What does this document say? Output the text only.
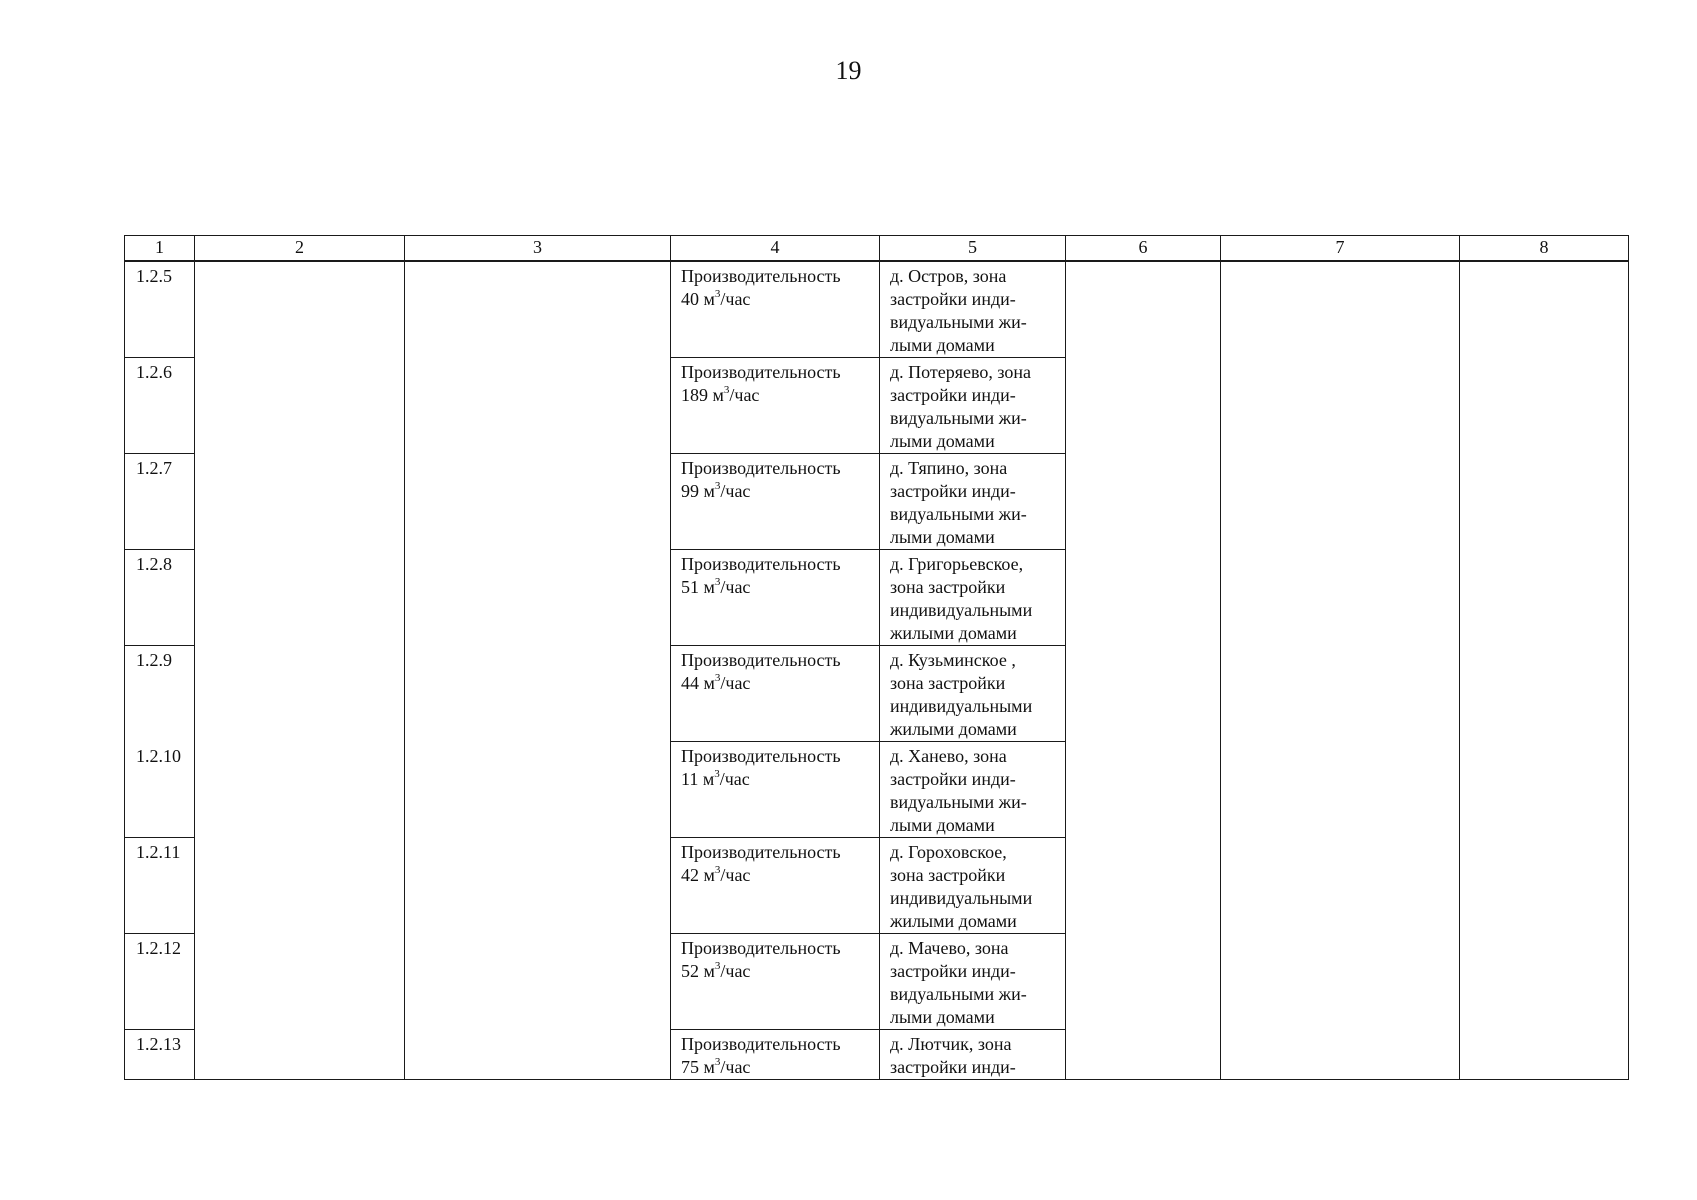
19
1	2	3	4	5	6	7	8
1.2.5			Производительность
40 $м^3$/час	д. Остров, зона
застройки инди-
видуальными жи-
лыми домами			

1.2.6			Производительность
189 $м^3$/час	д. Потеряево, зона
застройки инди-
видуальными жи-
лыми домами			

1.2.7			Производительность
99 $м^3$/час	д. Тяпино, зона
застройки инди-
видуальными жи-
лыми домами			

1.2.8			Производительность
51 $м^3$/час	д. Григорьевское,
зона застройки
индивидуальными
жилыми домами			

1.2.9			Производительность
44 $м^3$/час	д. Кузьминское ,
зона застройки
индивидуальными
жилыми домами			

1.2.10			Производительность
11 $м^3$/час	д. Ханево, зона
застройки инди-
видуальными жи-
лыми домами			

1.2.11			Производительность
42 $м^3$/час	д. Гороховское,
зона застройки
индивидуальными
жилыми домами			

1.2.12			Производительность
52 $м^3$/час	д. Мачево, зона
застройки инди-
видуальными жи-
лыми домами			

1.2.13			Производительность
75 $м^3$/час	д. Лютчик, зона
застройки инди-			
